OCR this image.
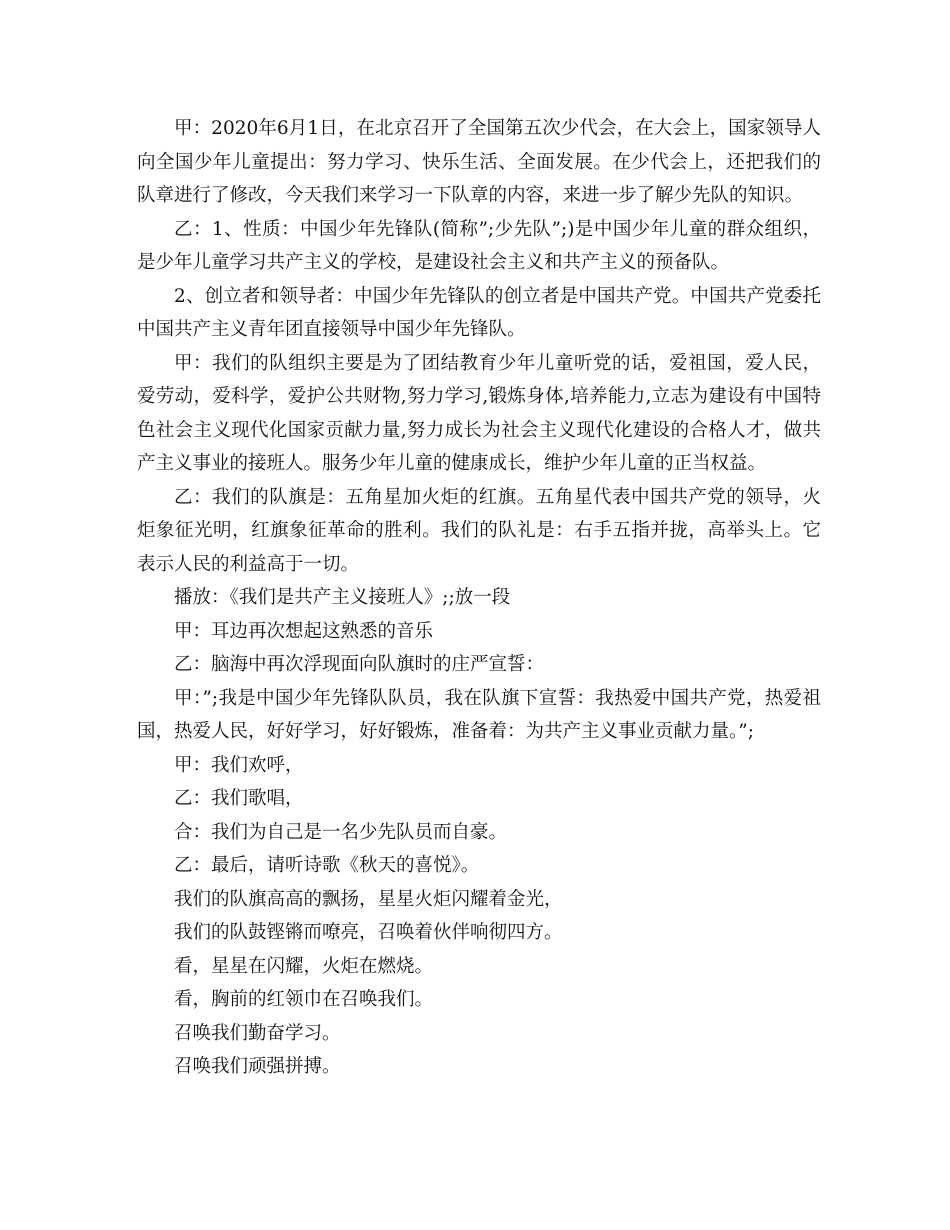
甲：2020年6月1日，在北京召开了全国第五次少代会，在大会上，国家领导人向全国少年儿童提出：努力学习、快乐生活、全面发展。在少代会上，还把我们的队章进行了修改，今天我们来学习一下队章的内容，来进一步了解少先队的知识。

乙：1、性质：中国少年先锋队(简称”;少先队”;)是中国少年儿童的群众组织，是少年儿童学习共产主义的学校，是建设社会主义和共产主义的预备队。

2、创立者和领导者：中国少年先锋队的创立者是中国共产党。中国共产党委托中国共产主义青年团直接领导中国少年先锋队。

甲：我们的队组织主要是为了团结教育少年儿童听党的话，爱祖国，爱人民，爱劳动，爱科学，爱护公共财物,努力学习,锻炼身体,培养能力,立志为建设有中国特色社会主义现代化国家贡献力量,努力成长为社会主义现代化建设的合格人才，做共产主义事业的接班人。服务少年儿童的健康成长，维护少年儿童的正当权益。

乙：我们的队旗是：五角星加火炬的红旗。五角星代表中国共产党的领导，火炬象征光明，红旗象征革命的胜利。我们的队礼是：右手五指并拢，高举头上。它表示人民的利益高于一切。

播放：《我们是共产主义接班人》;;放一段

甲：耳边再次想起这熟悉的音乐

乙：脑海中再次浮现面向队旗时的庄严宣誓：

甲：”;我是中国少年先锋队队员，我在队旗下宣誓：我热爱中国共产党，热爱祖国，热爱人民，好好学习，好好锻炼，准备着：为共产主义事业贡献力量。”;

甲：我们欢呼，

乙：我们歌唱，

合：我们为自己是一名少先队员而自豪。

乙：最后，请听诗歌《秋天的喜悦》。

我们的队旗高高的飘扬，星星火炬闪耀着金光，

我们的队鼓铿锵而嘹亮，召唤着伙伴响彻四方。

看，星星在闪耀，火炬在燃烧。

看，胸前的红领巾在召唤我们。

召唤我们勤奋学习。

召唤我们顽强拼搏。
